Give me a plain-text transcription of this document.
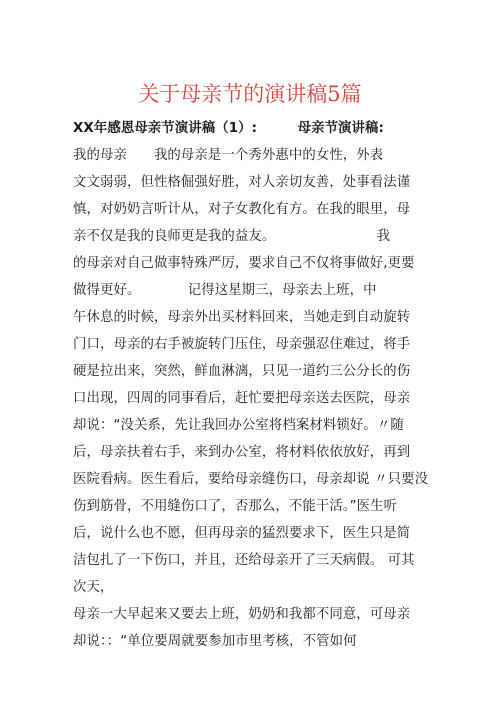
关于母亲节的演讲稿5篇
XX年感恩母亲节演讲稿（1）:　　　母亲节演讲稿:
我的母亲　　我的母亲是一个秀外惠中的女性，外表
文文弱弱，但性格倔强好胜，对人亲切友善，处事看法谨
慎，对奶奶言听计从，对子女教化有方。在我的眼里，母
亲不仅是我的良师更是我的益友。　　　　　　　　我
的母亲对自己做事特殊严厉，要求自己不仅将事做好,更要
做得更好。　　　　记得这星期三，母亲去上班，中
午休息的时候，母亲外出买材料回来，当她走到自动旋转
门口，母亲的右手被旋转门压住，母亲强忍住难过，将手
硬是拉出来，突然，鲜血淋漓，只见一道约三公分长的伤
口出现，四周的同事看后，赶忙要把母亲送去医院，母亲
却说：“没关系，先让我回办公室将档案材料锁好。〃随
后，母亲扶着右手，来到办公室，将材料依依放好，再到
医院看病。医生看后，要给母亲缝伤口，母亲却说 〃只要没
伤到筋骨，不用缝伤口了，否那么，不能干活。”医生听
后，说什么也不愿，但再母亲的猛烈要求下，医生只是简
洁包扎了一下伤口，并且，还给母亲开了三天病假。 可其
次天，
母亲一大早起来又要去上班，奶奶和我都不同意，可母亲
却说：：“单位要周就要参加市里考核，不管如何
